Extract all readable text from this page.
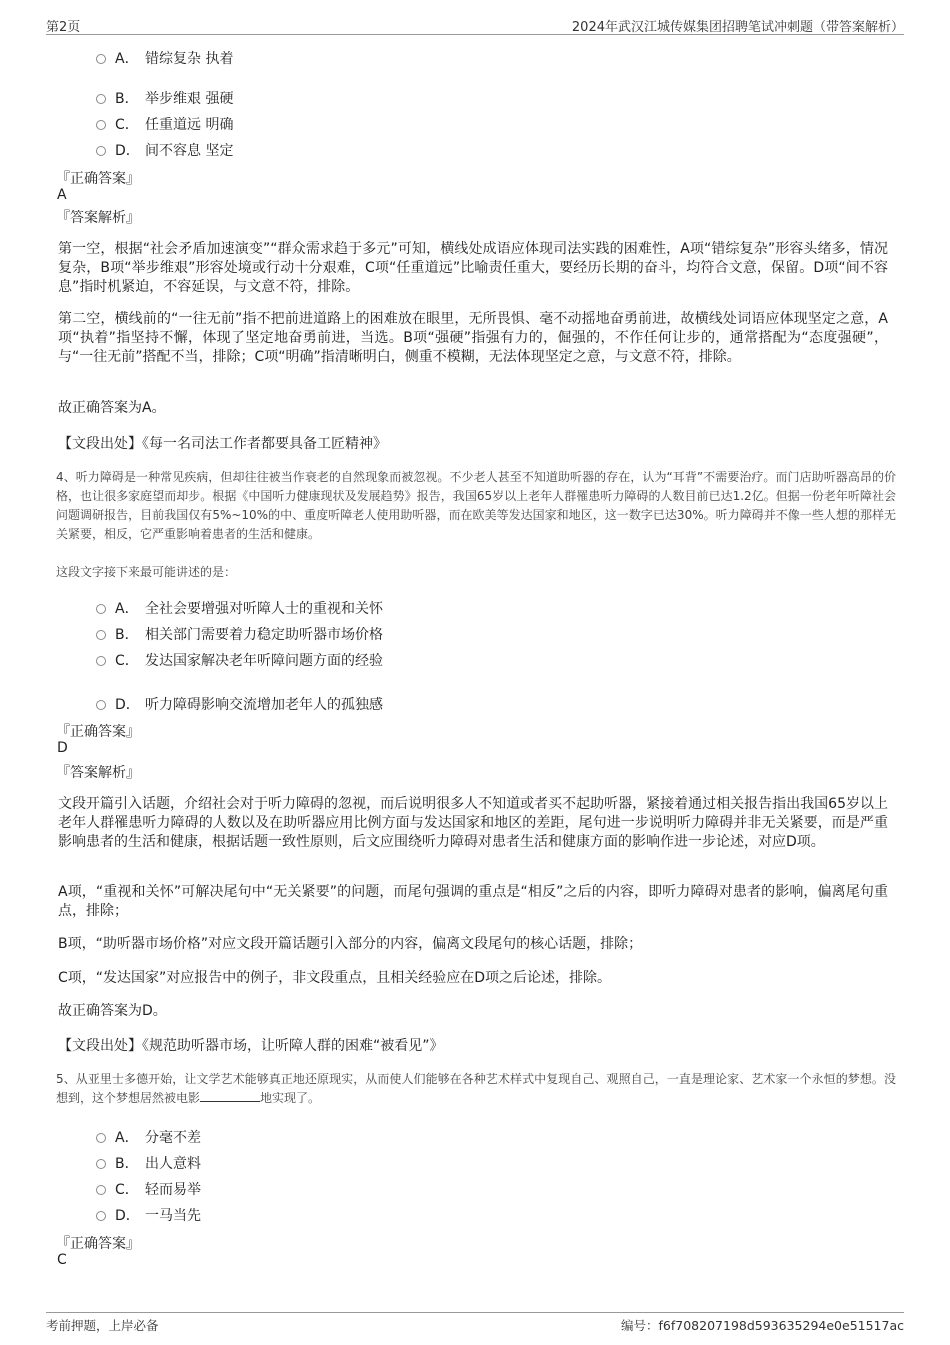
第2页	2024年武汉江城传媒集团招聘笔试冲刺题（带答案解析）
A． 错综复杂 执着
B． 举步维艰 强硬
C． 任重道远 明确
D． 间不容息 坚定
『正确答案』
A
『答案解析』
第一空，根据“社会矛盾加速演变”“群众需求趋于多元”可知，横线处成语应体现司法实践的困难性，A项“错综复杂”形容头绪多，情况复杂，B项“举步维艰”形容处境或行动十分艰难，C项“任重道远”比喻责任重大，要经历长期的奋斗，均符合文意，保留。D项“间不容息”指时机紧迫，不容延误，与文意不符，排除。
第二空，横线前的“一往无前”指不把前进道路上的困难放在眼里，无所畏惧、毫不动摇地奋勇前进，故横线处词语应体现坚定之意，A项“执着”指坚持不懈，体现了坚定地奋勇前进，当选。B项“强硬”指强有力的，倔强的，不作任何让步的，通常搭配为“态度强硬”，与“一往无前”搭配不当，排除；C项“明确”指清晰明白，侧重不模糊，无法体现坚定之意，与文意不符，排除。
故正确答案为A。
【文段出处】《每一名司法工作者都要具备工匠精神》
4、听力障碍是一种常见疾病，但却往往被当作衰老的自然现象而被忽视。不少老人甚至不知道助听器的存在，认为“耳背”不需要治疗。而门店助听器高昂的价格，也让很多家庭望而却步。根据《中国听力健康现状及发展趋势》报告，我国65岁以上老年人群罹患听力障碍的人数目前已达1.2亿。但据一份老年听障社会问题调研报告，目前我国仅有5%~10%的中、重度听障老人使用助听器，而在欧美等发达国家和地区，这一数字已达30%。听力障碍并不像一些人想的那样无关紧要，相反，它严重影响着患者的生活和健康。
这段文字接下来最可能讲述的是：
A． 全社会要增强对听障人士的重视和关怀
B． 相关部门需要着力稳定助听器市场价格
C． 发达国家解决老年听障问题方面的经验
D． 听力障碍影响交流增加老年人的孤独感
『正确答案』
D
『答案解析』
文段开篇引入话题，介绍社会对于听力障碍的忽视，而后说明很多人不知道或者买不起助听器，紧接着通过相关报告指出我国65岁以上老年人群罹患听力障碍的人数以及在助听器应用比例方面与发达国家和地区的差距，尾句进一步说明听力障碍并非无关紧要，而是严重影响患者的生活和健康，根据话题一致性原则，后文应围绕听力障碍对患者生活和健康方面的影响作进一步论述，对应D项。
A项，“重视和关怀”可解决尾句中“无关紧要”的问题，而尾句强调的重点是“相反”之后的内容，即听力障碍对患者的影响，偏离尾句重点，排除；
B项，“助听器市场价格”对应文段开篇话题引入部分的内容，偏离文段尾句的核心话题，排除；
C项，“发达国家”对应报告中的例子，非文段重点，且相关经验应在D项之后论述，排除。
故正确答案为D。
【文段出处】《规范助听器市场，让听障人群的困难“被看见”》
5、从亚里士多德开始，让文学艺术能够真正地还原现实，从而使人们能够在各种艺术样式中复现自己、观照自己，一直是理论家、艺术家一个永恒的梦想。没想到，这个梦想居然被电影	地实现了。
A． 分毫不差
B． 出人意料
C． 轻而易举
D． 一马当先
『正确答案』
C
考前押题，上岸必备	编号：f6f708207198d593635294e0e51517ac
